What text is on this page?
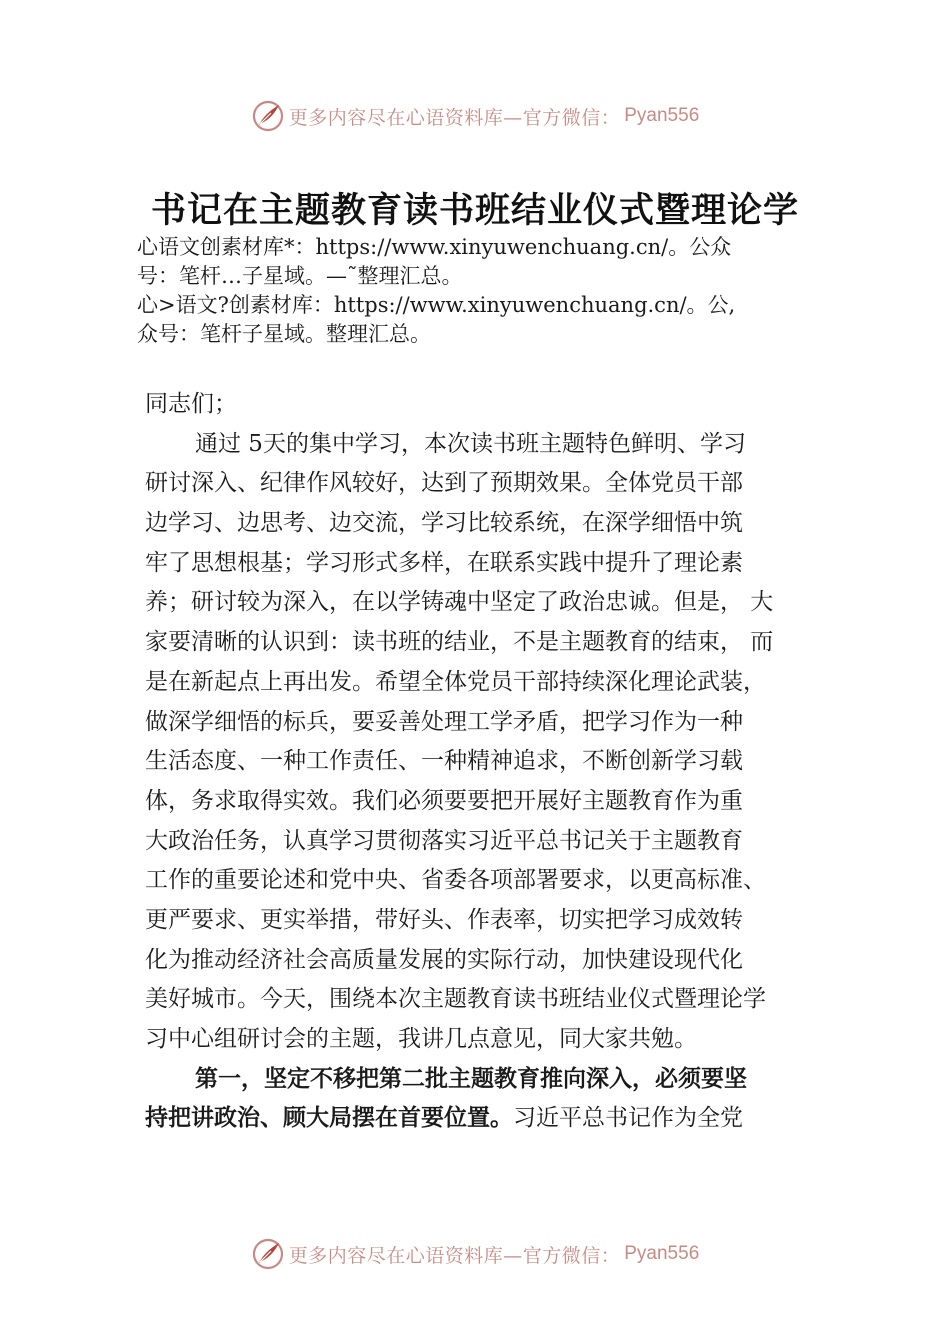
更多内容尽在心语资料库—官方微信： Pyan556
书记在主题教育读书班结业仪式暨理论学
心语文创素材库*：https://www.xinyuwenchuang.cn/。公众
号：笔杆…子星域。—˜整理汇总。
心>语文?创素材库：https://www.xinyuwenchuang.cn/。公,
众号：笔杆子星域。整理汇总。
同志们；
通过 5天的集中学习，本次读书班主题特色鲜明、学习
研讨深入、纪律作风较好，达到了预期效果。全体党员干部
边学习、边思考、边交流，学习比较系统，在深学细悟中筑
牢了思想根基；学习形式多样，在联系实践中提升了理论素
养；研讨较为深入，在以学铸魂中坚定了政治忠诚。但是， 大
家要清晰的认识到：读书班的结业，不是主题教育的结束， 而
是在新起点上再出发。希望全体党员干部持续深化理论武装，
做深学细悟的标兵，要妥善处理工学矛盾，把学习作为一种
生活态度、一种工作责任、一种精神追求，不断创新学习载
体，务求取得实效。我们必须要要把开展好主题教育作为重
大政治任务，认真学习贯彻落实习近平总书记关于主题教育
工作的重要论述和党中央、省委各项部署要求，以更高标准、
更严要求、更实举措，带好头、作表率，切实把学习成效转
化为推动经济社会高质量发展的实际行动，加快建设现代化
美好城市。今天，围绕本次主题教育读书班结业仪式暨理论学
习中心组研讨会的主题，我讲几点意见，同大家共勉。
第一，坚定不移把第二批主题教育推向深入，必须要坚
持把讲政治、顾大局摆在首要位置。习近平总书记作为全党
更多内容尽在心语资料库—官方微信： Pyan556
